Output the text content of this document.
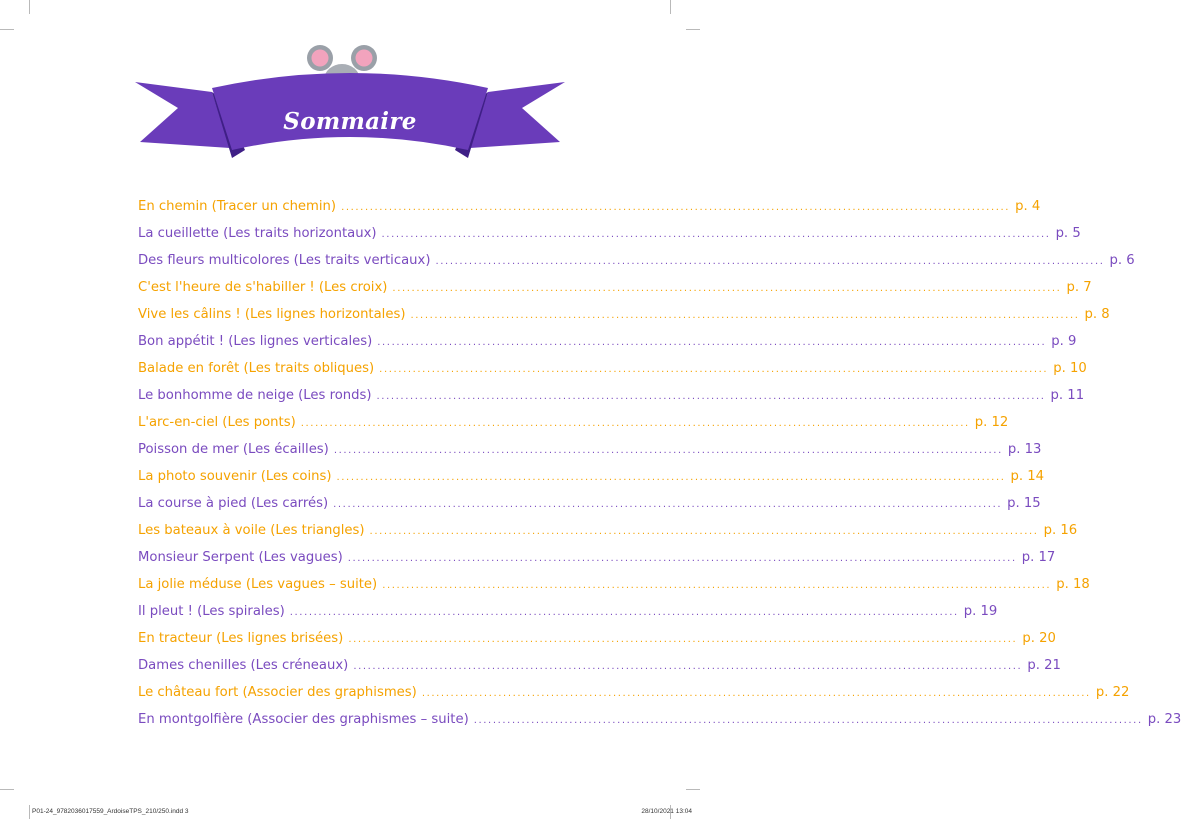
Sommaire
En chemin (Tracer un chemin) ............................................................................................................................................ p. 4
La cueillette (Les traits horizontaux) ............................................................................................................................................ p. 5
Des fleurs multicolores (Les traits verticaux) ............................................................................................................................................ p. 6
C'est l'heure de s'habiller ! (Les croix) ............................................................................................................................................ p. 7
Vive les câlins ! (Les lignes horizontales) ............................................................................................................................................ p. 8
Bon appétit ! (Les lignes verticales) ............................................................................................................................................ p. 9
Balade en forêt (Les traits obliques) ............................................................................................................................................ p. 10
Le bonhomme de neige (Les ronds) ............................................................................................................................................ p. 11
L'arc-en-ciel (Les ponts) ............................................................................................................................................ p. 12
Poisson de mer (Les écailles) ............................................................................................................................................ p. 13
La photo souvenir (Les coins) ............................................................................................................................................ p. 14
La course à pied (Les carrés) ............................................................................................................................................ p. 15
Les bateaux à voile (Les triangles) ............................................................................................................................................ p. 16
Monsieur Serpent (Les vagues) ............................................................................................................................................ p. 17
La jolie méduse (Les vagues – suite) ............................................................................................................................................ p. 18
Il pleut ! (Les spirales) ............................................................................................................................................ p. 19
En tracteur (Les lignes brisées) ............................................................................................................................................ p. 20
Dames chenilles (Les créneaux) ............................................................................................................................................ p. 21
Le château fort (Associer des graphismes) ............................................................................................................................................ p. 22
En montgolfière (Associer des graphismes – suite) ............................................................................................................................................ p. 23
P01-24_9782036017559_ArdoiseTPS_210/250.indd 3	28/10/2021 13:04
